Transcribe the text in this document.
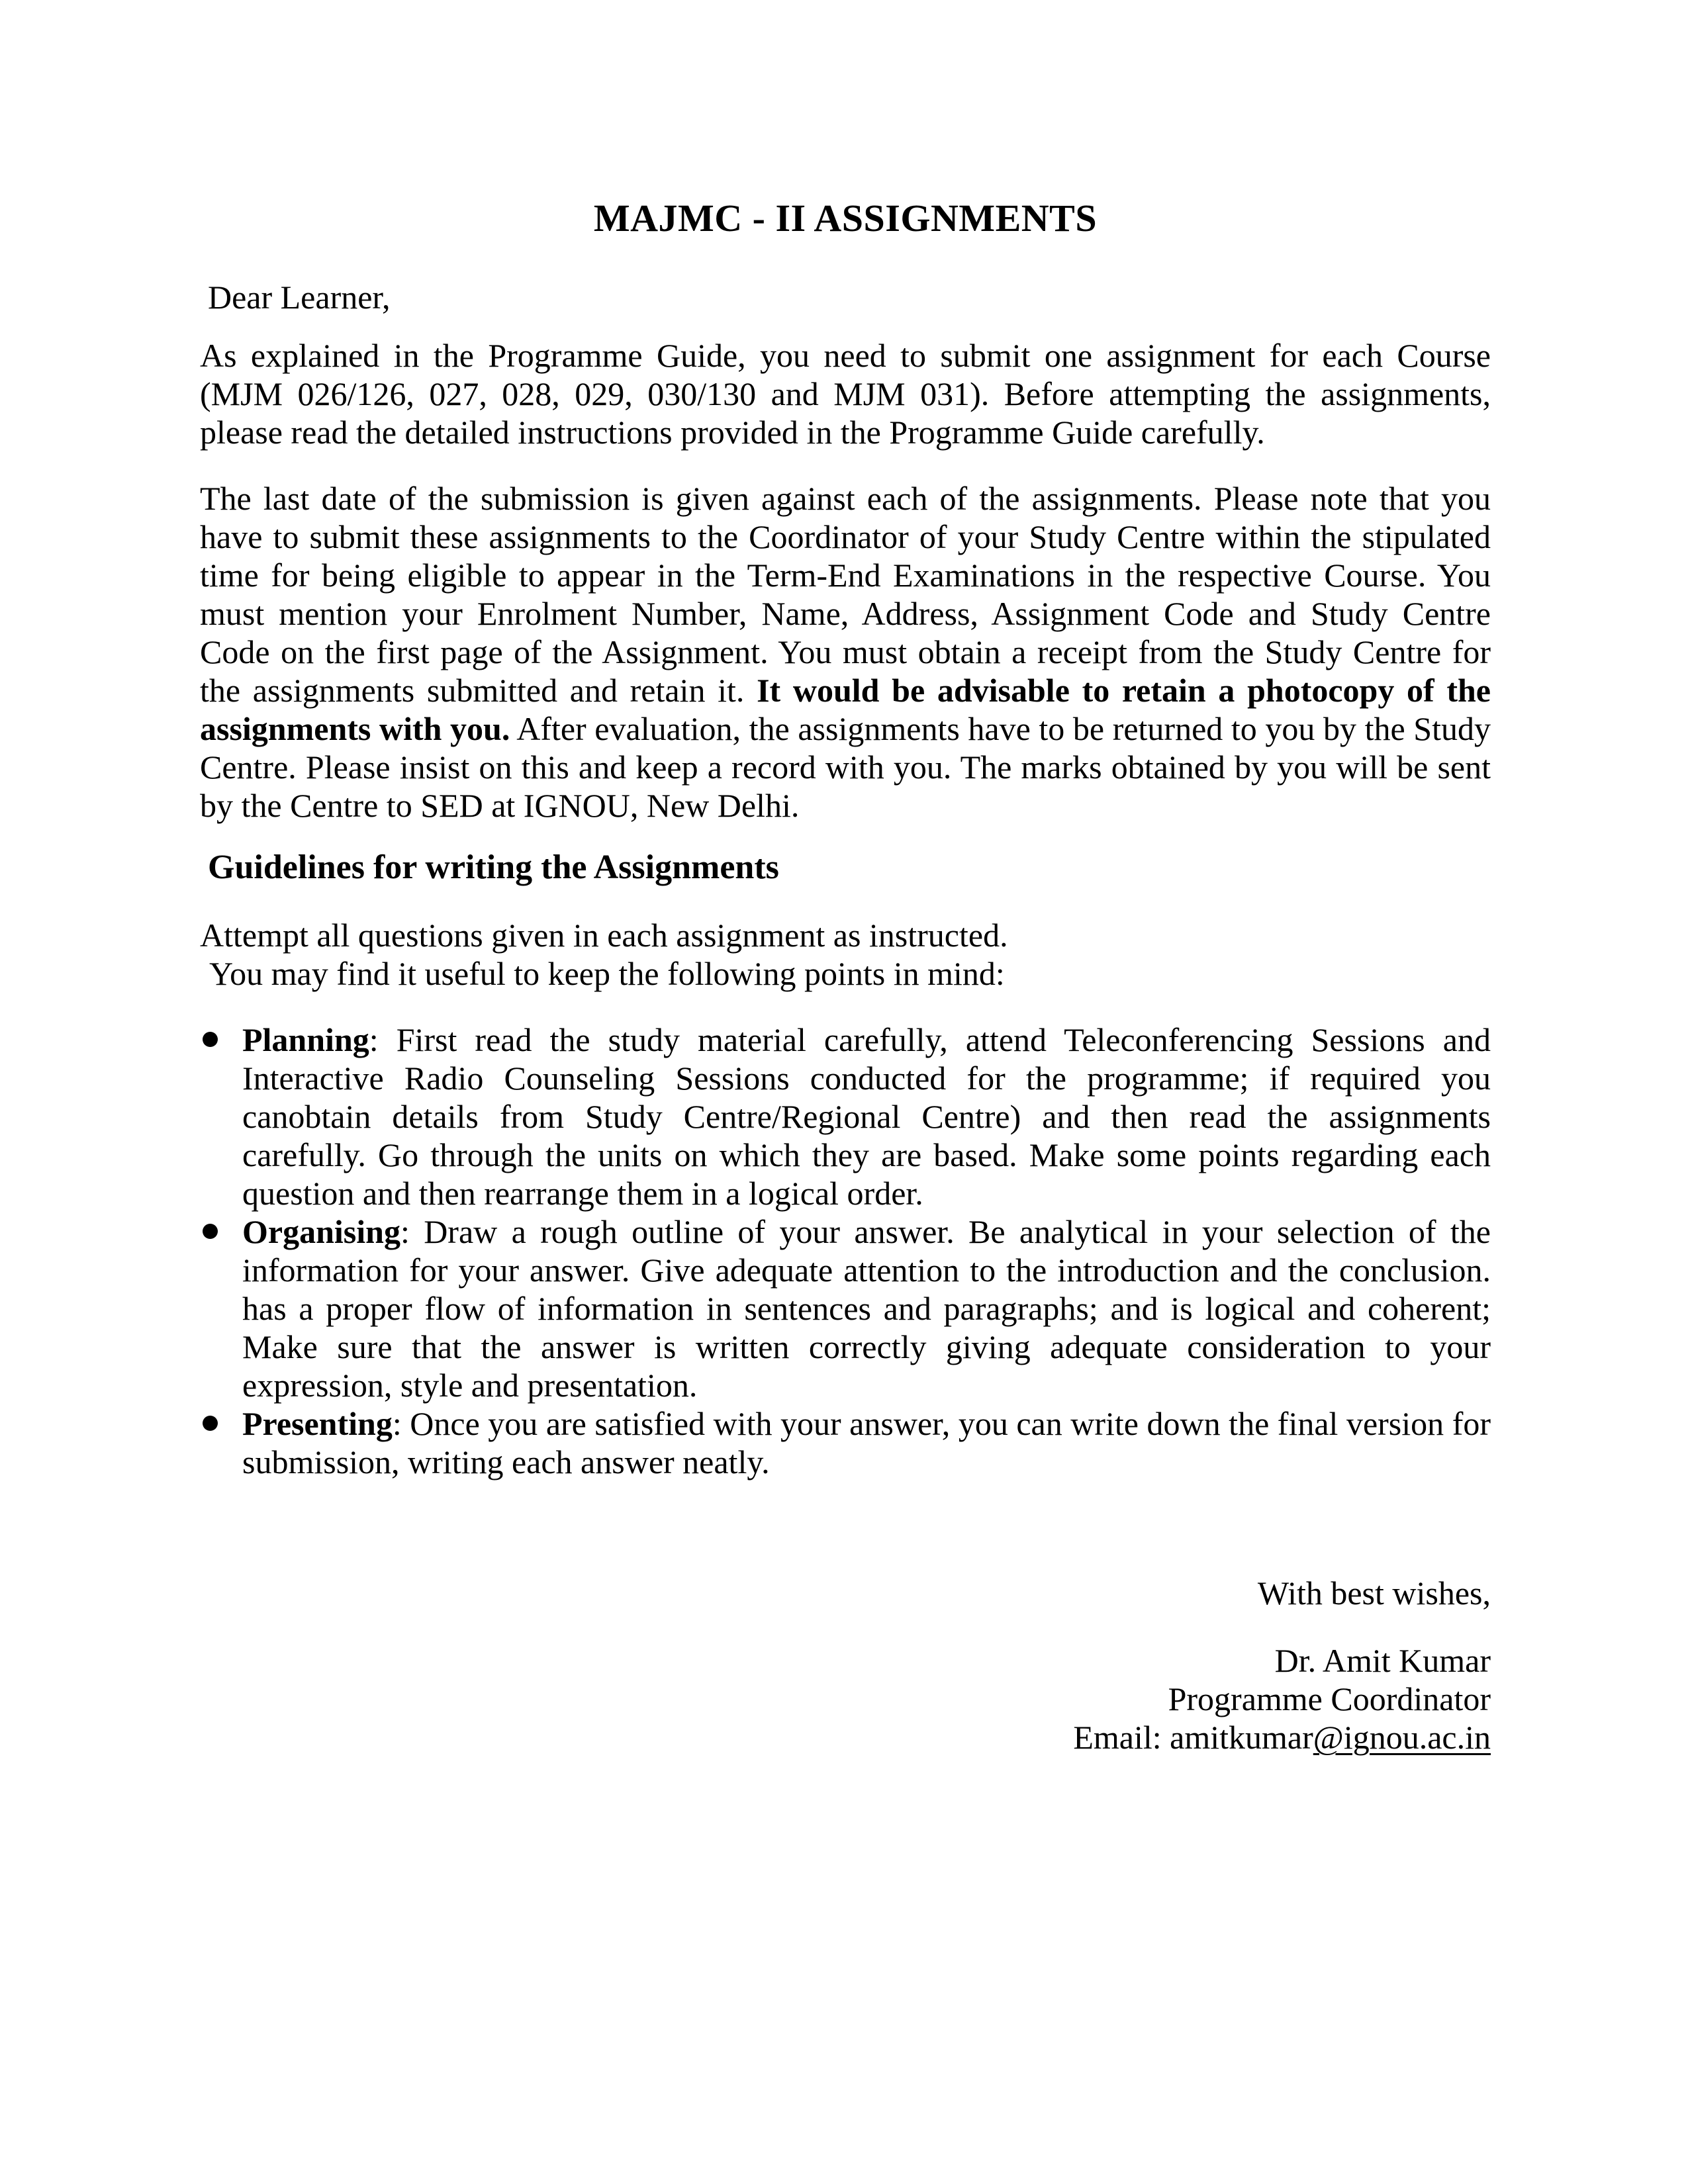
MAJMC - II ASSIGNMENTS

Dear Learner,

As explained in the Programme Guide, you need to submit one assignment for each Course (MJM 026/126, 027, 028, 029, 030/130 and MJM 031). Before attempting the assignments, please read the detailed instructions provided in the Programme Guide carefully.

The last date of the submission is given against each of the assignments. Please note that you have to submit these assignments to the Coordinator of your Study Centre within the stipulated time for being eligible to appear in the Term-End Examinations in the respective Course. You must mention your Enrolment Number, Name, Address, Assignment Code and Study Centre Code on the first page of the Assignment. You must obtain a receipt from the Study Centre for the assignments submitted and retain it. It would be advisable to retain a photocopy of the assignments with you. After evaluation, the assignments have to be returned to you by the Study Centre. Please insist on this and keep a record with you. The marks obtained by you will be sent by the Centre to SED at IGNOU, New Delhi.

Guidelines for writing the Assignments

Attempt all questions given in each assignment as instructed.

You may find it useful to keep the following points in mind:

Planning: First read the study material carefully, attend Teleconferencing Sessions and Interactive Radio Counseling Sessions conducted for the programme; if required you canobtain details from Study Centre/Regional Centre) and then read the assignments carefully. Go through the units on which they are based. Make some points regarding each question and then rearrange them in a logical order.
Organising: Draw a rough outline of your answer. Be analytical in your selection of the information for your answer. Give adequate attention to the introduction and the conclusion. has a proper flow of information in sentences and paragraphs; and is logical and coherent; Make sure that the answer is written correctly giving adequate consideration to your expression, style and presentation.
Presenting: Once you are satisfied with your answer, you can write down the final version for submission, writing each answer neatly.

With best wishes,

Dr. Amit Kumar

Programme Coordinator

Email: amitkumar@ignou.ac.in
